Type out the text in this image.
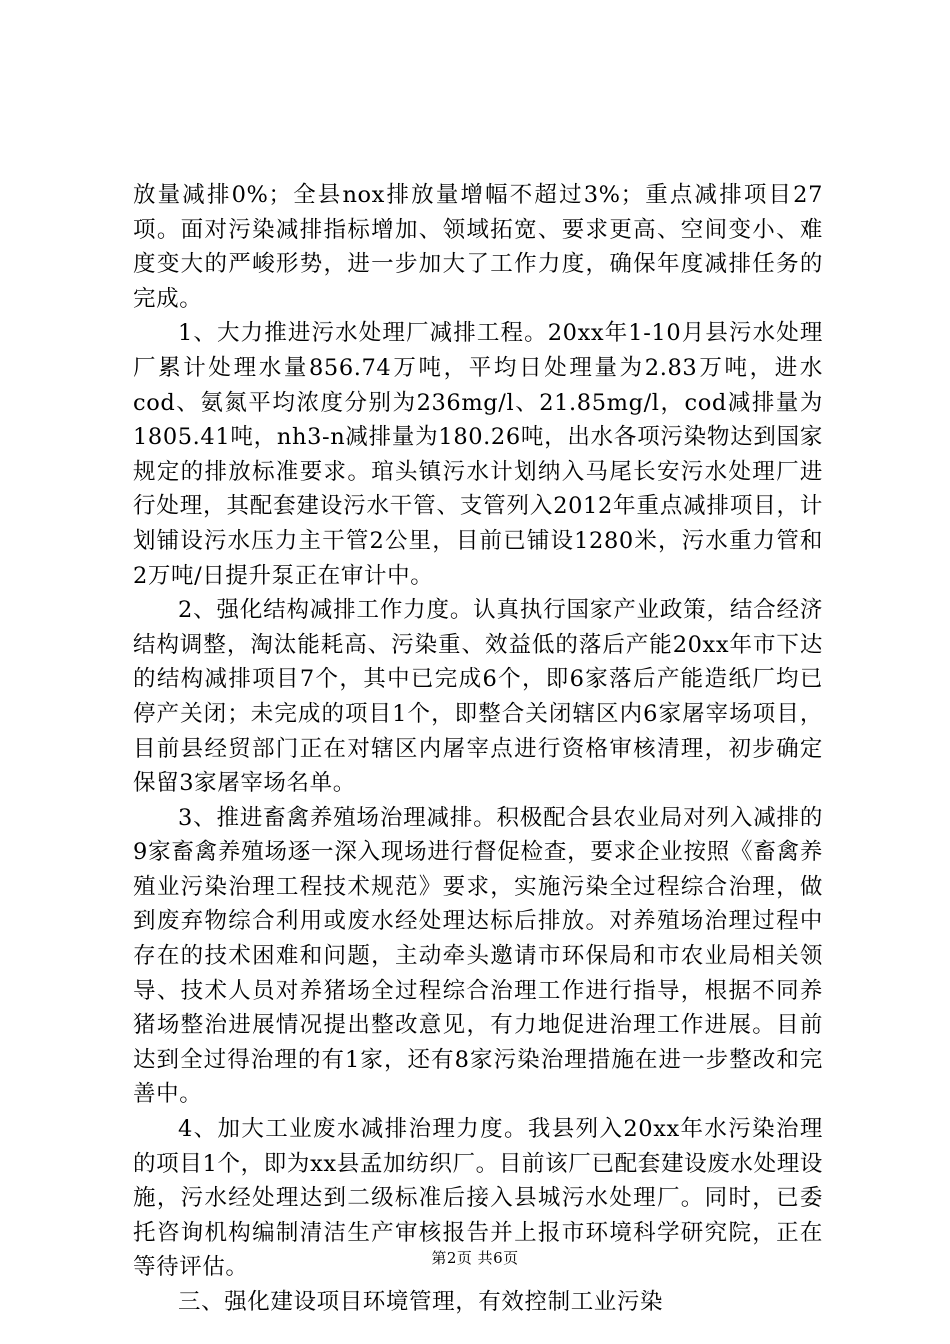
放量减排0%；全县nox排放量增幅不超过3%；重点减排项目27项。面对污染减排指标增加、领域拓宽、要求更高、空间变小、难度变大的严峻形势，进一步加大了工作力度，确保年度减排任务的完成。

1、大力推进污水处理厂减排工程。20xx年1-10月县污水处理厂累计处理水量856.74万吨，平均日处理量为2.83万吨，进水cod、氨氮平均浓度分别为236mg/l、21.85mg/l，cod减排量为1805.41吨，nh3-n减排量为180.26吨，出水各项污染物达到国家规定的排放标准要求。琯头镇污水计划纳入马尾长安污水处理厂进行处理，其配套建设污水干管、支管列入2012年重点减排项目，计划铺设污水压力主干管2公里，目前已铺设1280米，污水重力管和2万吨/日提升泵正在审计中。

2、强化结构减排工作力度。认真执行国家产业政策，结合经济结构调整，淘汰能耗高、污染重、效益低的落后产能20xx年市下达的结构减排项目7个，其中已完成6个，即6家落后产能造纸厂均已停产关闭；未完成的项目1个，即整合关闭辖区内6家屠宰场项目，目前县经贸部门正在对辖区内屠宰点进行资格审核清理，初步确定保留3家屠宰场名单。

3、推进畜禽养殖场治理减排。积极配合县农业局对列入减排的9家畜禽养殖场逐一深入现场进行督促检查，要求企业按照《畜禽养殖业污染治理工程技术规范》要求，实施污染全过程综合治理，做到废弃物综合利用或废水经处理达标后排放。对养殖场治理过程中存在的技术困难和问题，主动牵头邀请市环保局和市农业局相关领导、技术人员对养猪场全过程综合治理工作进行指导，根据不同养猪场整治进展情况提出整改意见，有力地促进治理工作进展。目前达到全过得治理的有1家，还有8家污染治理措施在进一步整改和完善中。

4、加大工业废水减排治理力度。我县列入20xx年水污染治理的项目1个，即为xx县孟加纺织厂。目前该厂已配套建设废水处理设施，污水经处理达到二级标准后接入县城污水处理厂。同时，已委托咨询机构编制清洁生产审核报告并上报市环境科学研究院，正在等待评估。

三、强化建设项目环境管理，有效控制工业污染

第2页 共6页
